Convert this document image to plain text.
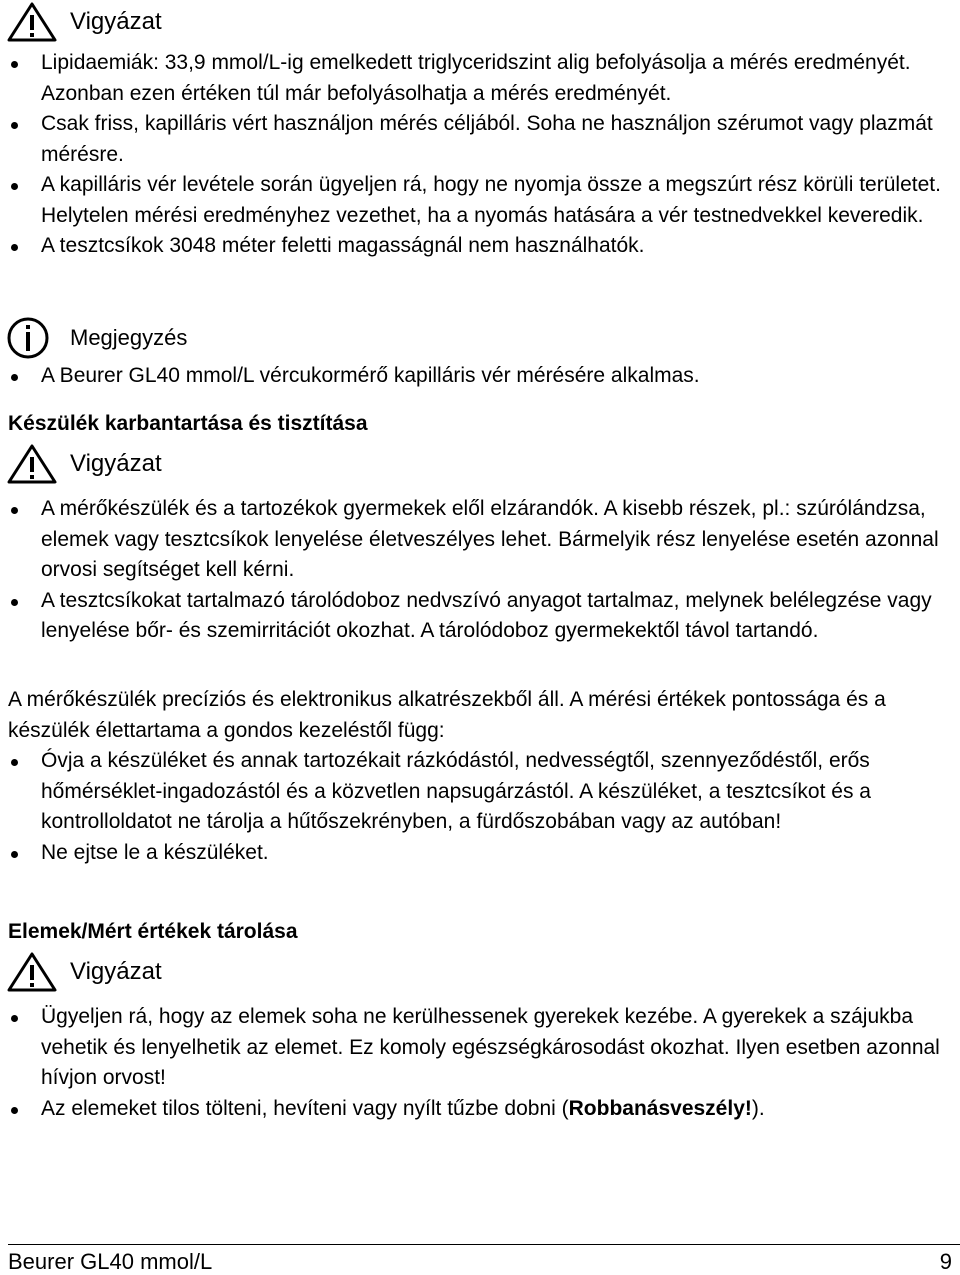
Vigyázat
Lipidaemiák: 33,9 mmol/L-ig emelkedett triglyceridszint alig befolyásolja a mérés eredményét. Azonban ezen értéken túl már befolyásolhatja a mérés eredményét.
Csak friss, kapilláris vért használjon mérés céljából. Soha ne használjon szérumot vagy plazmát mérésre.
A kapilláris vér levétele során ügyeljen rá, hogy ne nyomja össze a megszúrt rész körüli területet. Helytelen mérési eredményhez vezethet, ha a nyomás hatására a vér testnedvekkel keveredik.
A tesztcsíkok 3048 méter feletti magasságnál nem használhatók.
Megjegyzés
A Beurer GL40 mmol/L vércukormérő kapilláris vér mérésére alkalmas.
Készülék karbantartása és tisztítása
Vigyázat
A mérőkészülék és a tartozékok gyermekek elől elzárandók. A kisebb részek, pl.: szúrólándzsa, elemek vagy tesztcsíkok lenyelése életveszélyes lehet. Bármelyik rész lenyelése esetén azonnal orvosi segítséget kell kérni.
A tesztcsíkokat tartalmazó tárolódoboz nedvszívó anyagot tartalmaz, melynek belélegzése vagy lenyelése bőr- és szemirritációt okozhat. A tárolódoboz gyermekektől távol tartandó.

A mérőkészülék precíziós és elektronikus alkatrészekből áll. A mérési értékek pontossága és a készülék élettartama a gondos kezeléstől függ:

Óvja a készüléket és annak tartozékait rázkódástól, nedvességtől, szennyeződéstől, erős hőmérséklet-ingadozástól és a közvetlen napsugárzástól. A készüléket, a tesztcsíkot és a kontrolloldatot ne tárolja a hűtőszekrényben, a fürdőszobában vagy az autóban!
Ne ejtse le a készüléket.
Elemek/Mért értékek tárolása
Vigyázat
Ügyeljen rá, hogy az elemek soha ne kerülhessenek gyerekek kezébe. A gyerekek a szájukba vehetik és lenyelhetik az elemet. Ez komoly egészségkárosodást okozhat. Ilyen esetben azonnal hívjon orvost!
Az elemeket tilos tölteni, hevíteni vagy nyílt tűzbe dobni (Robbanásveszély!).
Beurer GL40 mmol/L	9
